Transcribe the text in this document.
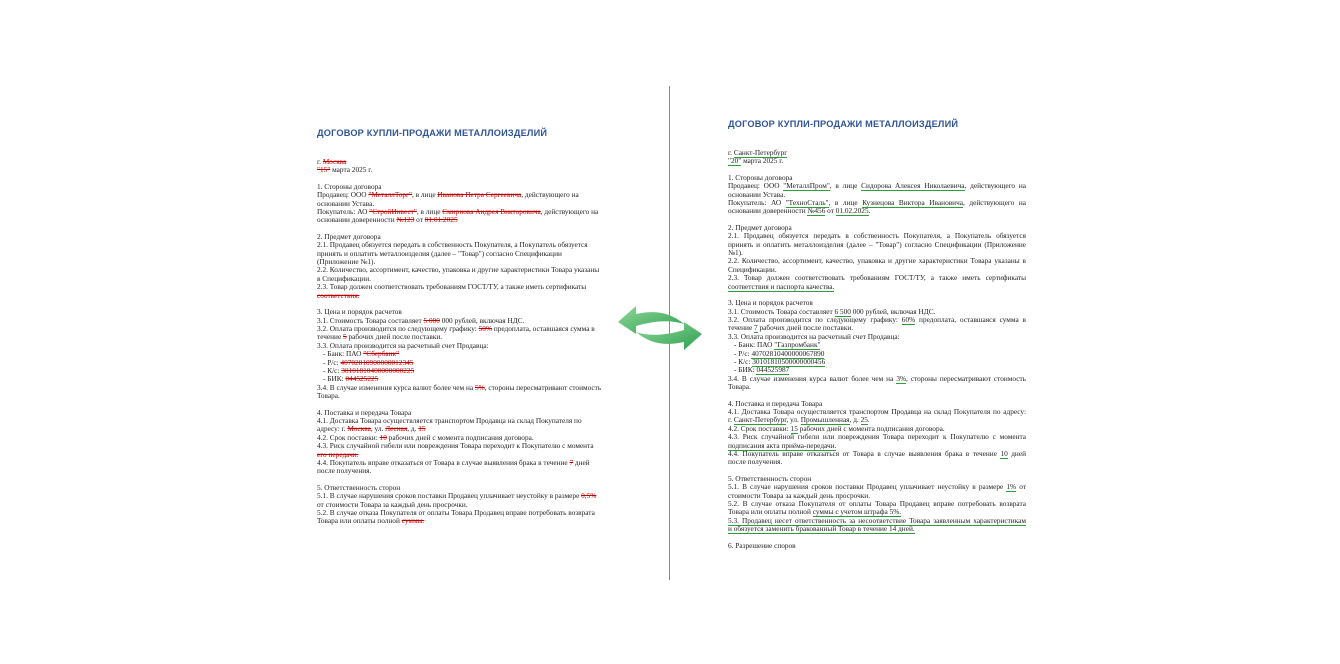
ДОГОВОР КУПЛИ-ПРОДАЖИ МЕТАЛЛОИЗДЕЛИЙ
г. Москва
"15" марта 2025 г.
1. Стороны договора
Продавец: ООО "МеталлТорг", в лице Иванова Петра Сергеевича, действующего на
основании Устава.
Покупатель: АО "СтройИнвест", в лице Смирнова Андрея Викторовича, действующего на
основании доверенности №123 от 01.01.2025
2. Предмет договора
2.1. Продавец обязуется передать в собственность Покупателя, а Покупатель обязуется
принять и оплатить металлоизделия (далее – "Товар") согласно Спецификации
(Приложение №1).
2.2. Количество, ассортимент, качество, упаковка и другие характеристики Товара указаны
в Спецификации.
2.3. Товар должен соответствовать требованиям ГОСТ/ТУ, а также иметь сертификаты
соответствия.
3. Цена и порядок расчетов
3.1. Стоимость Товара составляет 5 000 000 рублей, включая НДС.
3.2. Оплата производится по следующему графику: 50% предоплата, оставшаяся сумма в
течение 5 рабочих дней после поставки.
3.3. Оплата производится на расчетный счет Продавца:
- Банк: ПАО "Сбербанк"
- Р/с: 40702810900000012345
- К/с: 30101810400000000225
- БИК: 044525225
3.4. В случае изменения курса валют более чем на 5%, стороны пересматривают стоимость
Товара.
4. Поставка и передача Товара
4.1. Доставка Товара осуществляется транспортом Продавца на склад Покупателя по
адресу: г. Москва, ул. Лесная, д. 15
4.2. Срок поставки: 10 рабочих дней с момента подписания договора.
4.3. Риск случайной гибели или повреждения Товара переходит к Покупателю с момента
его передачи.
4.4. Покупатель вправе отказаться от Товара в случае выявления брака в течение 7 дней
после получения.
5. Ответственность сторон
5.1. В случае нарушения сроков поставки Продавец уплачивает неустойку в размере 0,5%
от стоимости Товара за каждый день просрочки.
5.2. В случае отказа Покупателя от оплаты Товара Продавец вправе потребовать возврата
Товара или оплаты полной суммы.
ДОГОВОР КУПЛИ-ПРОДАЖИ МЕТАЛЛОИЗДЕЛИЙ
г. Санкт-Петербург
"20" марта 2025 г.
1. Стороны договора
Продавец: ООО "МеталлПром", в лице Сидорова Алексея Николаевича, действующего на
основании Устава.
Покупатель: АО "ТехноСталь", в лице Кузнецова Виктора Ивановича, действующего на
основании доверенности №456 от 01.02.2025.
2. Предмет договора
2.1. Продавец обязуется передать в собственность Покупателя, а Покупатель обязуется
принять и оплатить металлоизделия (далее – "Товар") согласно Спецификации (Приложение
№1).
2.2. Количество, ассортимент, качество, упаковка и другие характеристики Товара указаны в
Спецификации.
2.3. Товар должен соответствовать требованиям ГОСТ/ТУ, а также иметь сертификаты
соответствия и паспорта качества.
3. Цена и порядок расчетов
3.1. Стоимость Товара составляет 6 500 000 рублей, включая НДС.
3.2. Оплата производится по следующему графику: 60% предоплата, оставшаяся сумма в
течение 7 рабочих дней после поставки.
3.3. Оплата производится на расчетный счет Продавца:
- Банк: ПАО "Газпромбанк"
- Р/с: 40702810400000067890
- К/с: 30101810500000000456
- БИК: 044525987
3.4. В случае изменения курса валют более чем на 3%, стороны пересматривают стоимость
Товара.
4. Поставка и передача Товара
4.1. Доставка Товара осуществляется транспортом Продавца на склад Покупателя по адресу:
г. Санкт-Петербург, ул. Промышленная, д. 25.
4.2. Срок поставки: 15 рабочих дней с момента подписания договора.
4.3. Риск случайной гибели или повреждения Товара переходит к Покупателю с момента
подписания акта приёма-передачи.
4.4. Покупатель вправе отказаться от Товара в случае выявления брака в течение 10 дней
после получения.
5. Ответственность сторон
5.1. В случае нарушения сроков поставки Продавец уплачивает неустойку в размере 1% от
стоимости Товара за каждый день просрочки.
5.2. В случае отказа Покупателя от оплаты Товара Продавец вправе потребовать возврата
Товара или оплаты полной суммы с учетом штрафа 5%.
5.3. Продавец несет ответственность за несоответствие Товара заявленным характеристикам
и обязуется заменить бракованный Товар в течение 14 дней.
6. Разрешение споров
